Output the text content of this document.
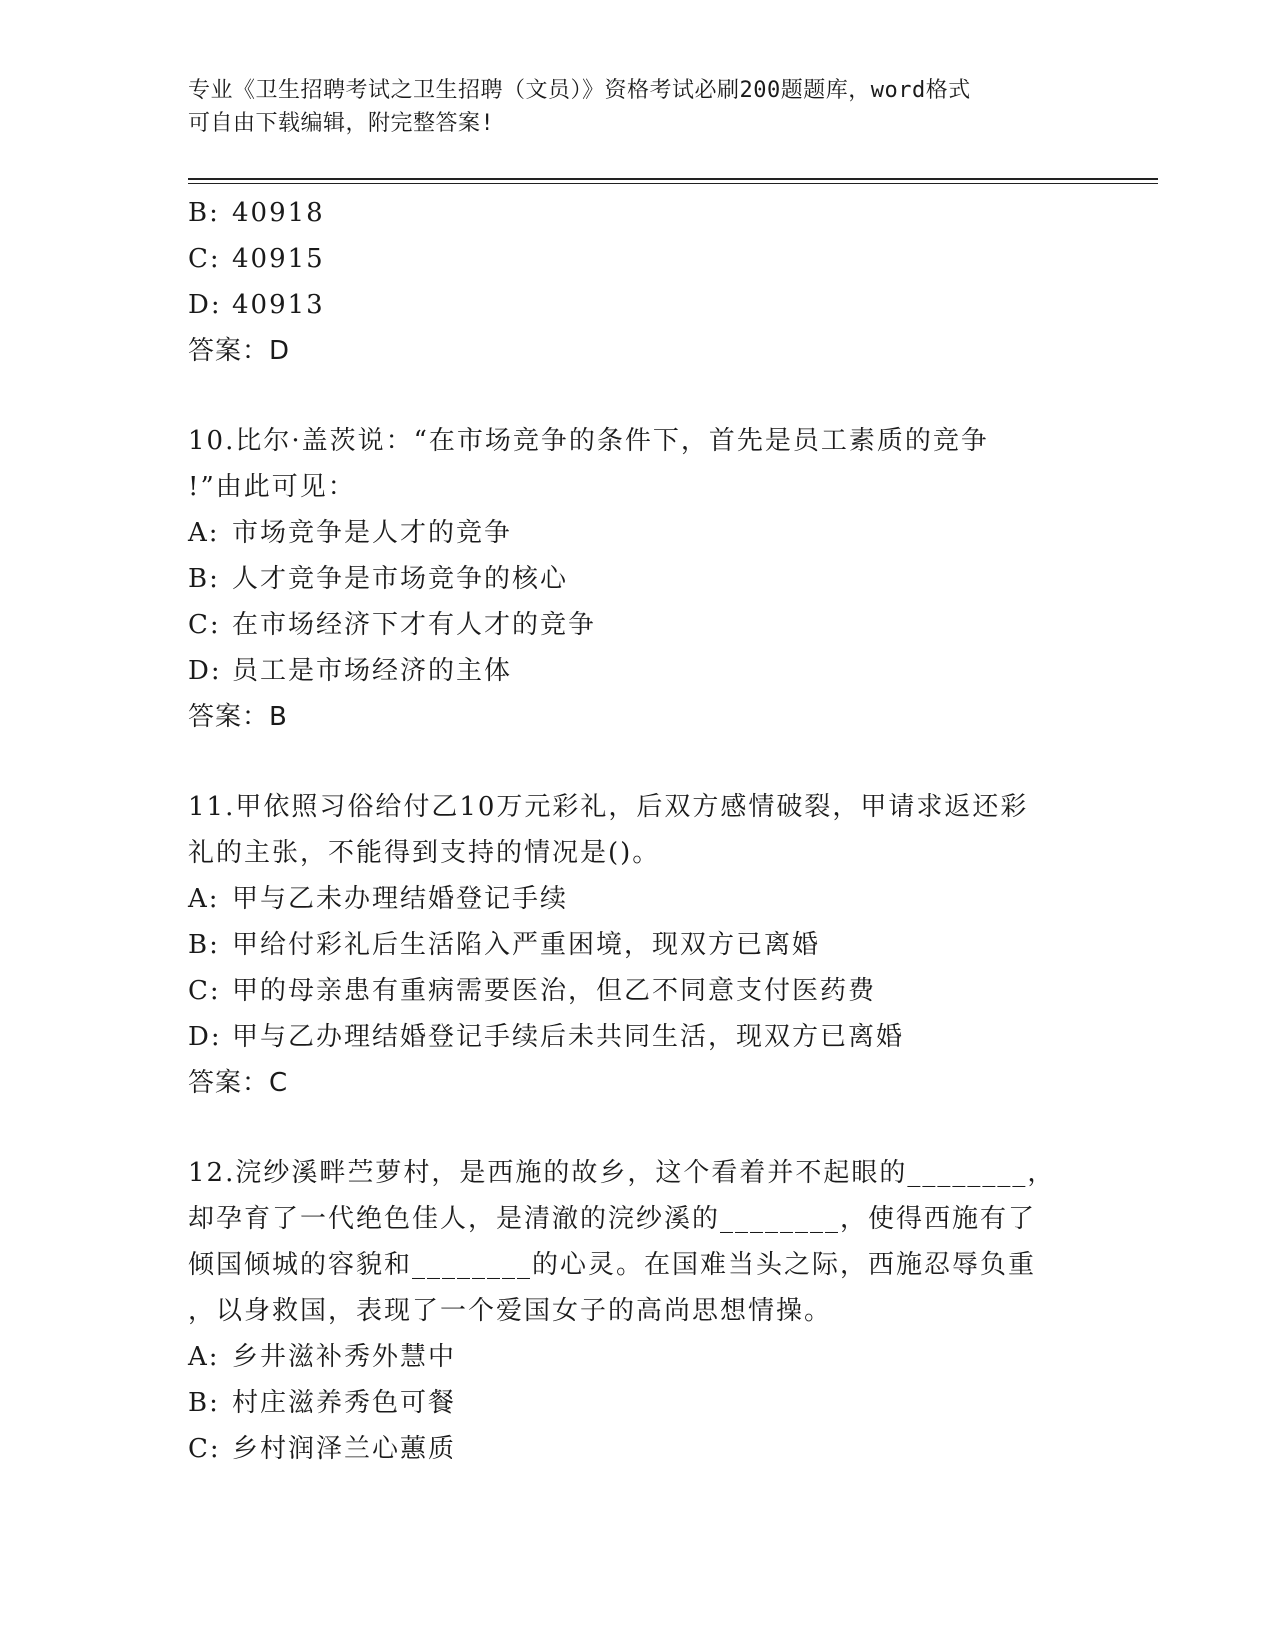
专业《卫生招聘考试之卫生招聘（文员）》资格考试必刷200题题库，word格式
可自由下载编辑，附完整答案!
B: 40918
C: 40915
D: 40913
答案：D
10.比尔·盖茨说：“在市场竞争的条件下，首先是员工素质的竞争
!”由此可见：
A: 市场竞争是人才的竞争
B: 人才竞争是市场竞争的核心
C: 在市场经济下才有人才的竞争
D: 员工是市场经济的主体
答案：B
11.甲依照习俗给付乙10万元彩礼，后双方感情破裂，甲请求返还彩
礼的主张，不能得到支持的情况是()。
A: 甲与乙未办理结婚登记手续
B: 甲给付彩礼后生活陷入严重困境，现双方已离婚
C: 甲的母亲患有重病需要医治，但乙不同意支付医药费
D: 甲与乙办理结婚登记手续后未共同生活，现双方已离婚
答案：C
12.浣纱溪畔苎萝村，是西施的故乡，这个看着并不起眼的________，
却孕育了一代绝色佳人，是清澈的浣纱溪的________，使得西施有了
倾国倾城的容貌和________的心灵。在国难当头之际，西施忍辱负重
，以身救国，表现了一个爱国女子的高尚思想情操。
A: 乡井滋补秀外慧中
B: 村庄滋养秀色可餐
C: 乡村润泽兰心蕙质
